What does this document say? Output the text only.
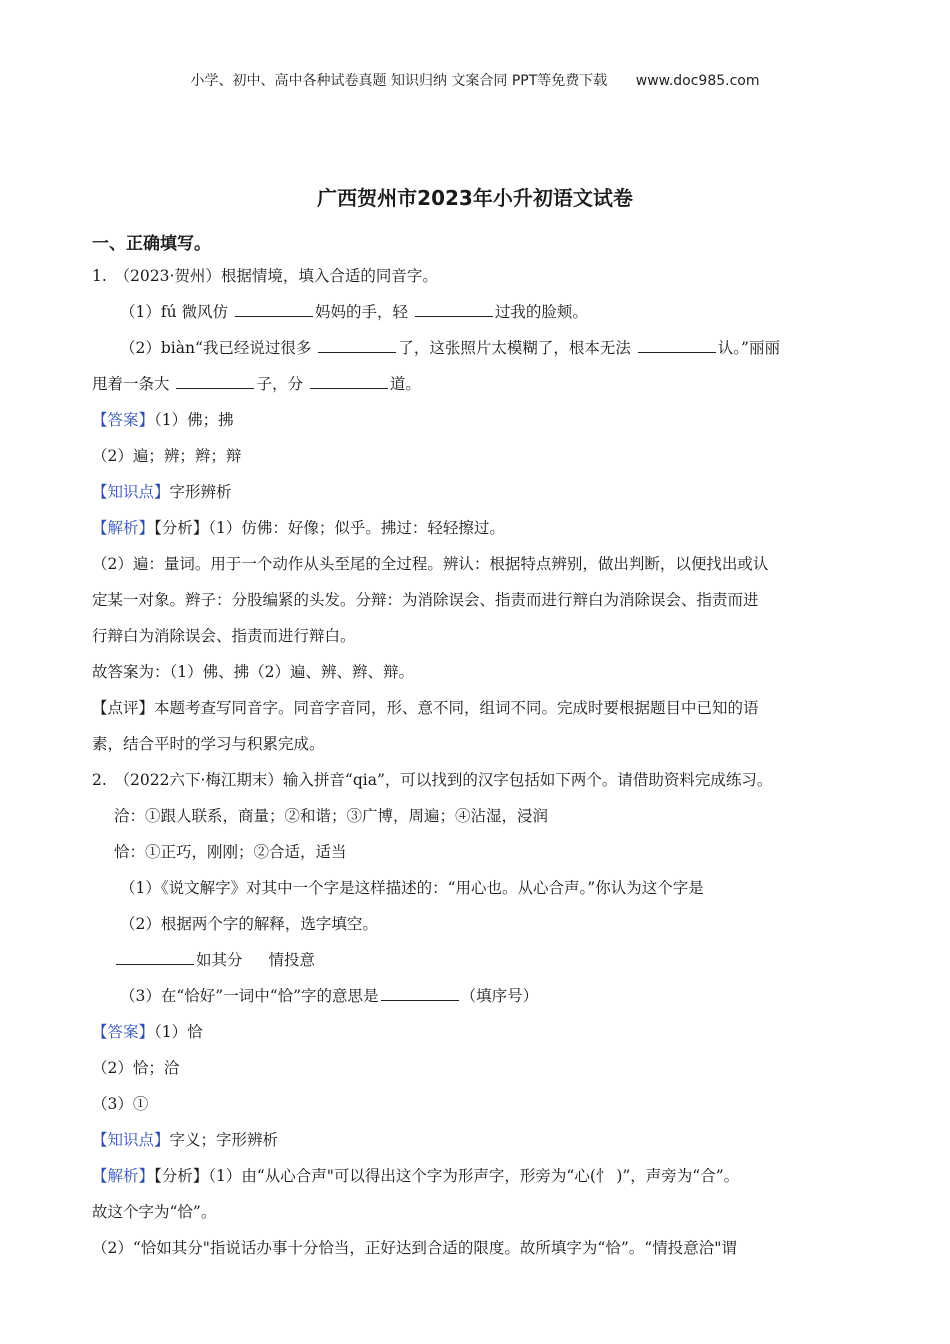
小学、初中、高中各种试卷真题 知识归纳 文案合同 PPT等免费下载 www.doc985.com
广西贺州市2023年小升初语文试卷
一、正确填写。
1.　（2023·贺州）根据情境，填入合适的同音字。
（1）fú 微风仿	妈妈的手，轻	过我的脸颊。
（2）biàn“我已经说过很多	了，这张照片太模糊了，根本无法	认。”丽丽
甩着一条大	子，分	道。
【答案】（1）佛；拂
（2）遍；辨；辫；辩
【知识点】字形辨析
【解析】【分析】（1）仿佛：好像；似乎。拂过：轻轻擦过。
（2）遍：量词。用于一个动作从头至尾的全过程。辨认：根据特点辨别，做出判断，以便找出或认
定某一对象。辫子：分股编紧的头发。分辩：为消除误会、指责而进行辩白为消除误会、指责而进
行辩白为消除误会、指责而进行辩白。
故答案为：（1）佛、拂（2）遍、辨、辫、辩。
【点评】本题考查写同音字。同音字音同，形、意不同，组词不同。完成时要根据题目中已知的语
素，结合平时的学习与积累完成。
2.　（2022六下·梅江期末）输入拼音“qia”，可以找到的汉字包括如下两个。请借助资料完成练习。
洽：①跟人联系，商量；②和谐；③广博，周遍；④沾湿，浸润
恰：①正巧，刚刚；②合适，适当
（1）《说文解字》对其中一个字是这样描述的：“用心也。从心合声。”你认为这个字是
（2）根据两个字的解释，选字填空。
如其分 情投意
（3）在“恰好”一词中“恰”字的意思是	（填序号）
【答案】（1）恰
（2）恰；洽
（3）①
【知识点】字义；字形辨析
【解析】【分析】（1）由“从心合声"可以得出这个字为形声字，形旁为“心(忄 )”，声旁为“合”。
故这个字为“恰”。
（2）“恰如其分"指说话办事十分恰当，正好达到合适的限度。故所填字为“恰”。“情投意洽"谓
